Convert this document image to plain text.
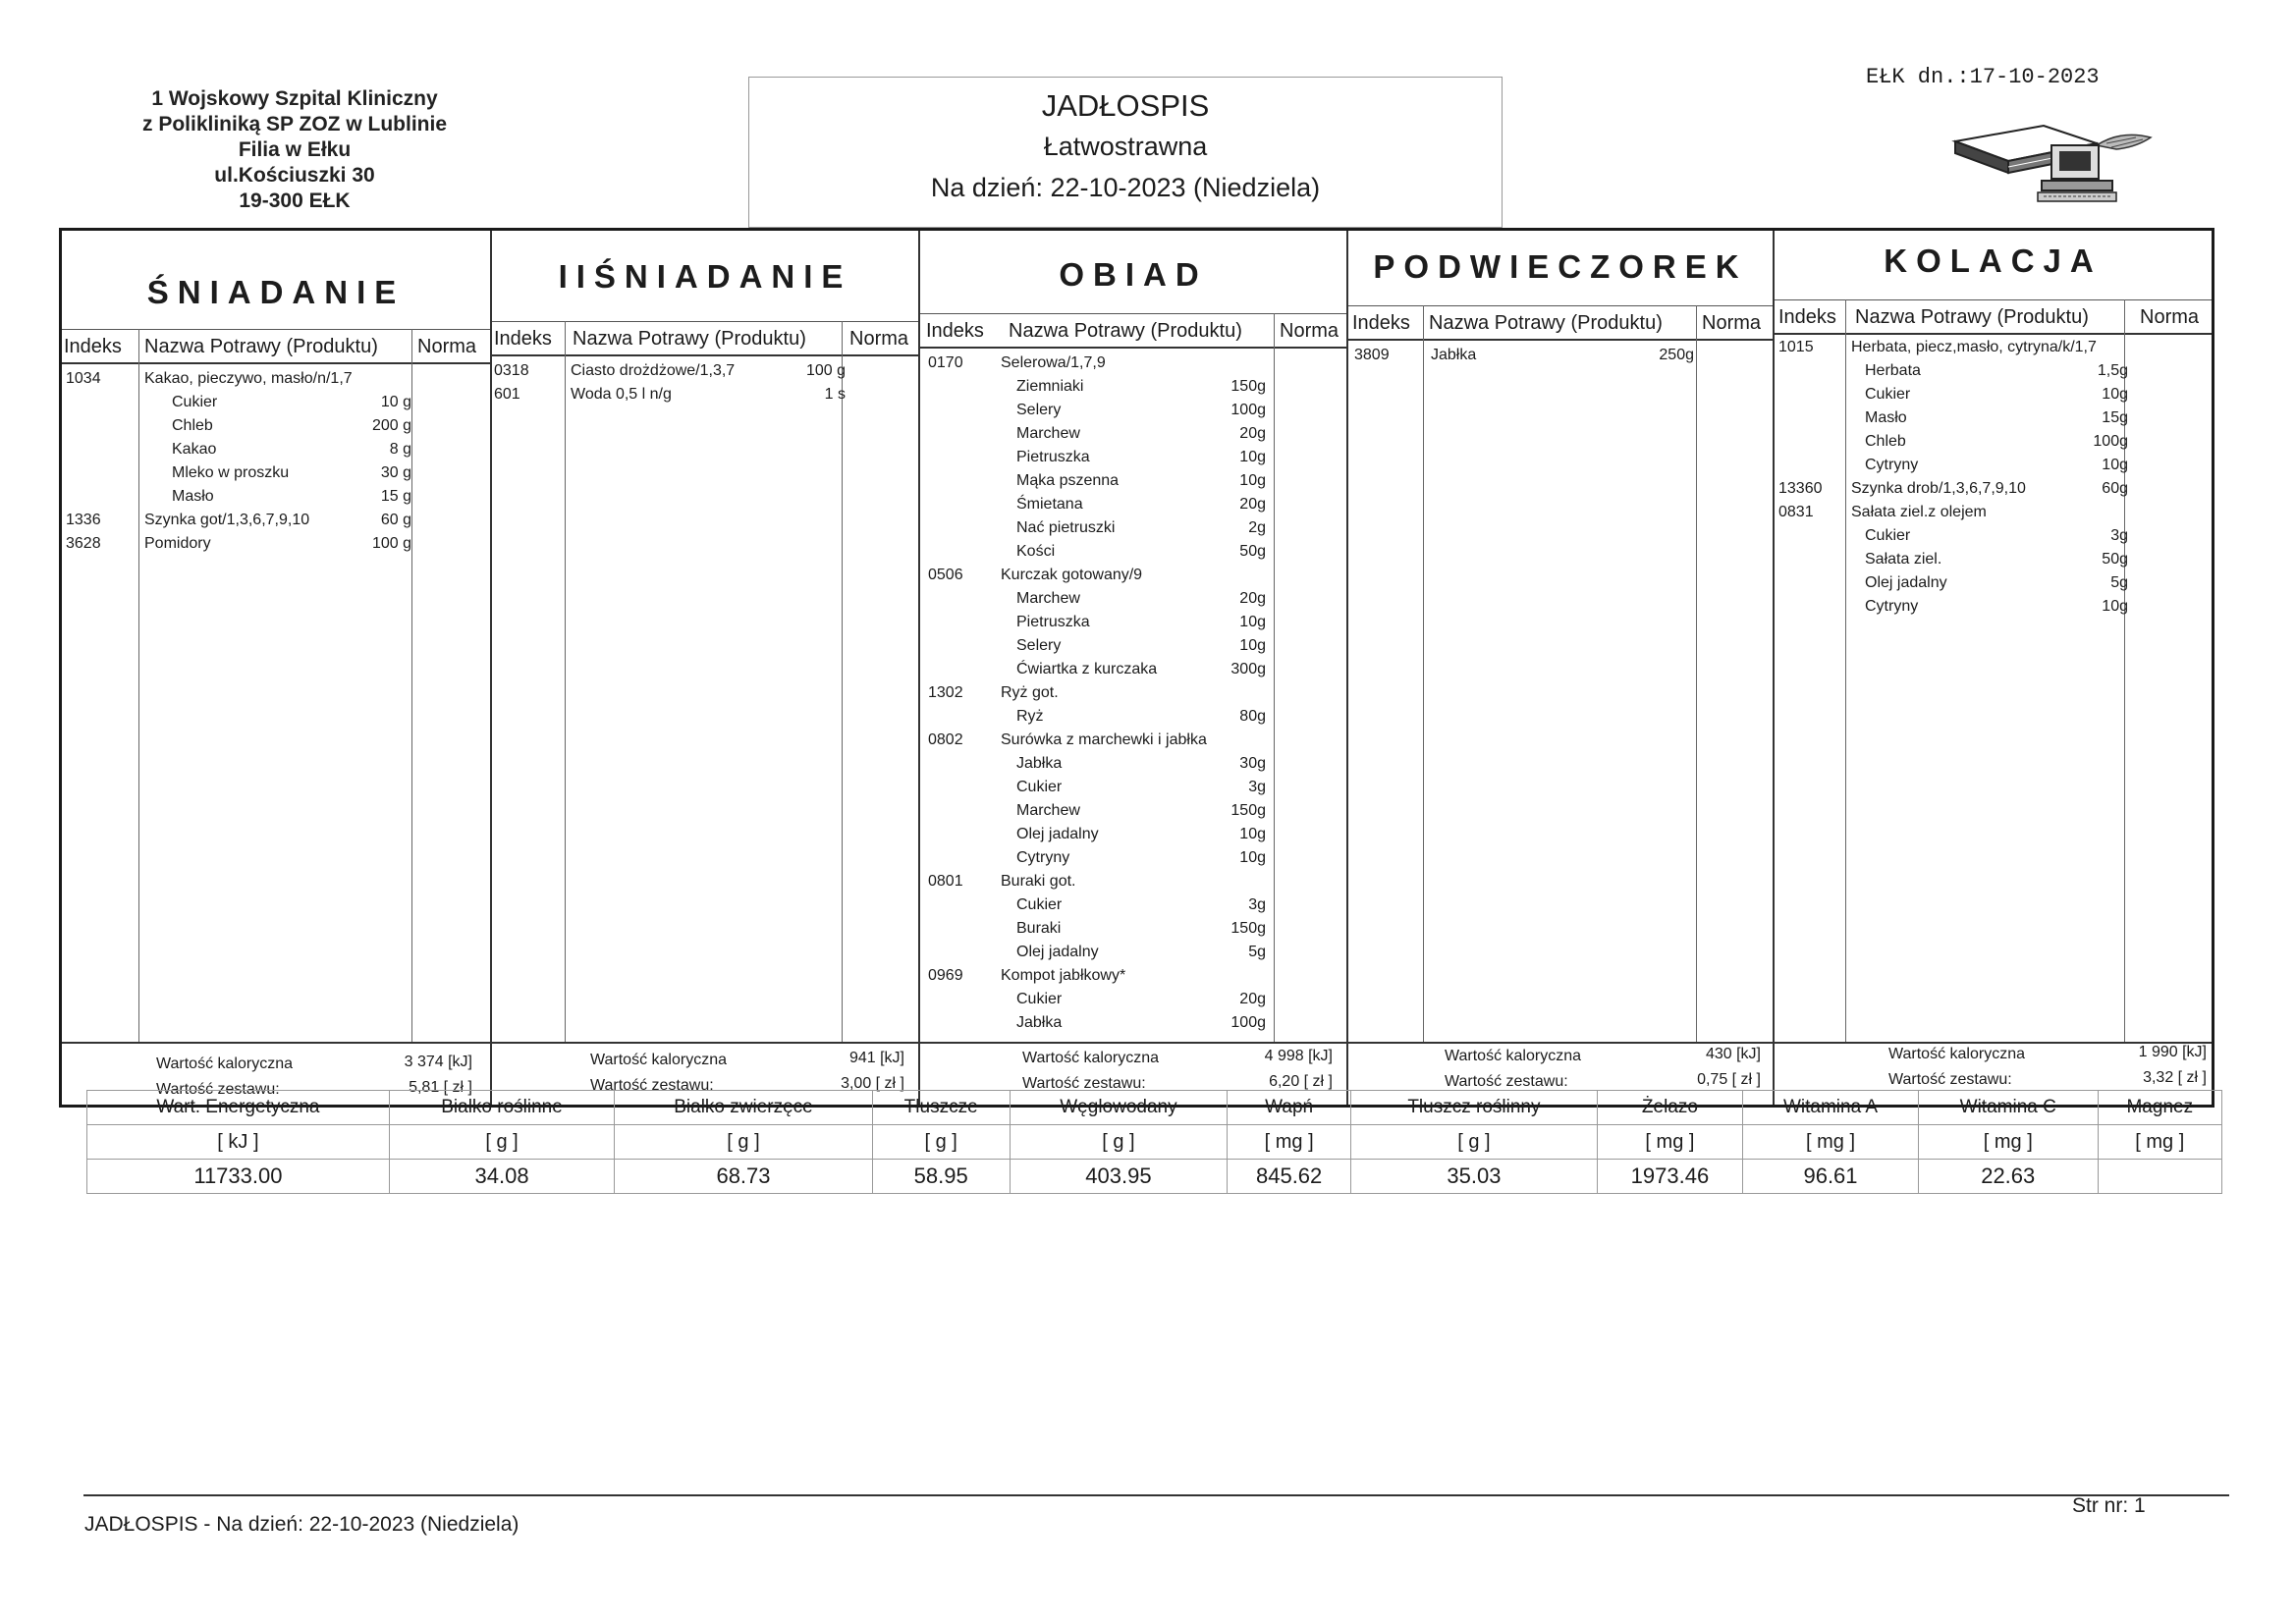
1 Wojskowy Szpital Kliniczny
z Polikliniką SP ZOZ w Lublinie
Filia w Ełku
ul.Kościuszki 30
19-300 EŁK
JADŁOSPIS
Łatwostrawna
Na dzień: 22-10-2023 (Niedziela)
EŁK dn.:17-10-2023
ŚNIADANIE
Indeks Nazwa Potrawy (Produktu) Norma
1034	Kakao, pieczywo, masło/n/1,7
Cukier	10 g
Chleb	200 g
Kakao	8 g
Mleko w proszku	30 g
Masło	15 g
1336	Szynka got/1,3,6,7,9,10	60 g
3628	Pomidory	100 g
Wartość kaloryczna	3 374 [kJ]
Wartość zestawu:	5,81 [ zł ]
IIŚNIADANIE
Indeks Nazwa Potrawy (Produktu) Norma
0318	Ciasto drożdżowe/1,3,7	100 g
601	Woda 0,5 l n/g	1 s
Wartość kaloryczna	941 [kJ]
Wartość zestawu:	3,00 [ zł ]
OBIAD
Indeks Nazwa Potrawy (Produktu) Norma
0170 Selerowa/1,7,9
Ziemniaki	150g
Selery	100g
Marchew	20g
Pietruszka	10g
Mąka pszenna	10g
Śmietana	20g
Nać pietruszki	2g
Kości	50g
0506 Kurczak gotowany/9
Marchew	20g
Pietruszka	10g
Selery	10g
Ćwiartka z kurczaka	300g
1302 Ryż got.
Ryż	80g
0802 Surówka z marchewki i jabłka
Jabłka	30g
Cukier	3g
Marchew	150g
Olej jadalny	10g
Cytryny	10g
0801 Buraki got.
Cukier	3g
Buraki	150g
Olej jadalny	5g
0969 Kompot jabłkowy*
Cukier	20g
Jabłka	100g
Wartość kaloryczna	4 998 [kJ]
Wartość zestawu:	6,20 [ zł ]
PODWIECZOREK
Indeks Nazwa Potrawy (Produktu) Norma
3809	Jabłka	250g
Wartość kaloryczna	430 [kJ]
Wartość zestawu:	0,75 [ zł ]
KOLACJA
Indeks Nazwa Potrawy (Produktu)	Norma
1015 Herbata, piecz,masło, cytryna/k/1,7
Herbata	1,5g
Cukier	10g
Masło	15g
Chleb	100g
Cytryny	10g
13360 Szynka drob/1,3,6,7,9,10	60g
0831 Sałata ziel.z olejem
Cukier	3g
Sałata ziel.	50g
Olej jadalny	5g
Cytryny	10g
Wartość kaloryczna	1 990 [kJ]
Wartość zestawu:	3,32 [ zł ]
Wart. Energetyczna	Białko roślinne	Białko zwierzęce	Tłuszcze	Węglowodany	Wapń	Tłuszcz roślinny	Żelazo	Witamina A	Witamina C	Magnez
[ kJ ]	[ g ]	[ g ]	[ g ]	[ g ]	[ mg ]	[ g ]	[ mg ]	[ mg ]	[ mg ]	[ mg ]
11733.00	34.08	68.73	58.95	403.95	845.62	35.03	1973.46	96.61	22.63	
JADŁOSPIS - Na dzień: 22-10-2023 (Niedziela)
Str nr: 1
